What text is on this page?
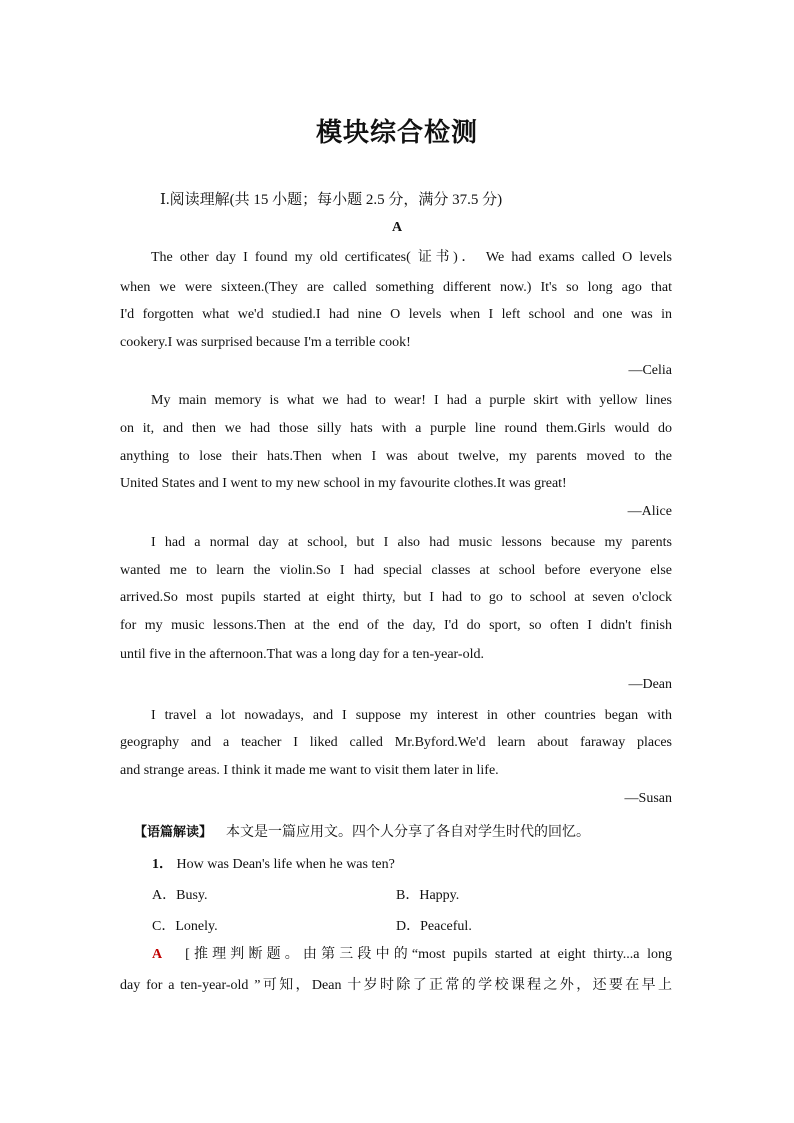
模块综合检测
Ⅰ.阅读理解(共 15 小题；每小题 2.5 分，满分 37.5 分)
A
The other day I found my old certificates( 证书)． We had exams called O levels
when we were sixteen.(They are called something different now.) It's so long ago that
I'd forgotten what we'd studied.I had nine O levels when I left school and one was in
cookery.I was surprised because I'm a terrible cook!
—Celia
My main memory is what we had to wear! I had a purple skirt with yellow lines
on it, and then we had those silly hats with a purple line round them.Girls would do
anything to lose their hats.Then when I was about twelve, my parents moved to the
United States and I went to my new school in my favourite clothes.It was great!
—Alice
I had a normal day at school, but I also had music lessons because my parents
wanted me to learn the violin.So I had special classes at school before everyone else
arrived.So most pupils started at eight thirty, but I had to go to school at seven o'clock
for my music lessons.Then at the end of the day, I'd do sport, so often I didn't finish
until five in the afternoon.That was a long day for a ten-year-old.
—Dean
I travel a lot nowadays, and I suppose my interest in other countries began with
geography and a teacher I liked called Mr.Byford.We'd learn about faraway places
and strange areas. I think it made me want to visit them later in life.
—Susan
【语篇解读】 本文是一篇应用文。四个人分享了各自对学生时代的回忆。
1． How was Dean's life when he was ten?
A．Busy.	B．Happy.
C．Lonely.	D．Peaceful.
A [推理判断题。由第三段中的“most pupils started at eight thirty...a long
day for a ten-year-old ”可知，Dean 十岁时除了正常的学校课程之外，还要在早上
